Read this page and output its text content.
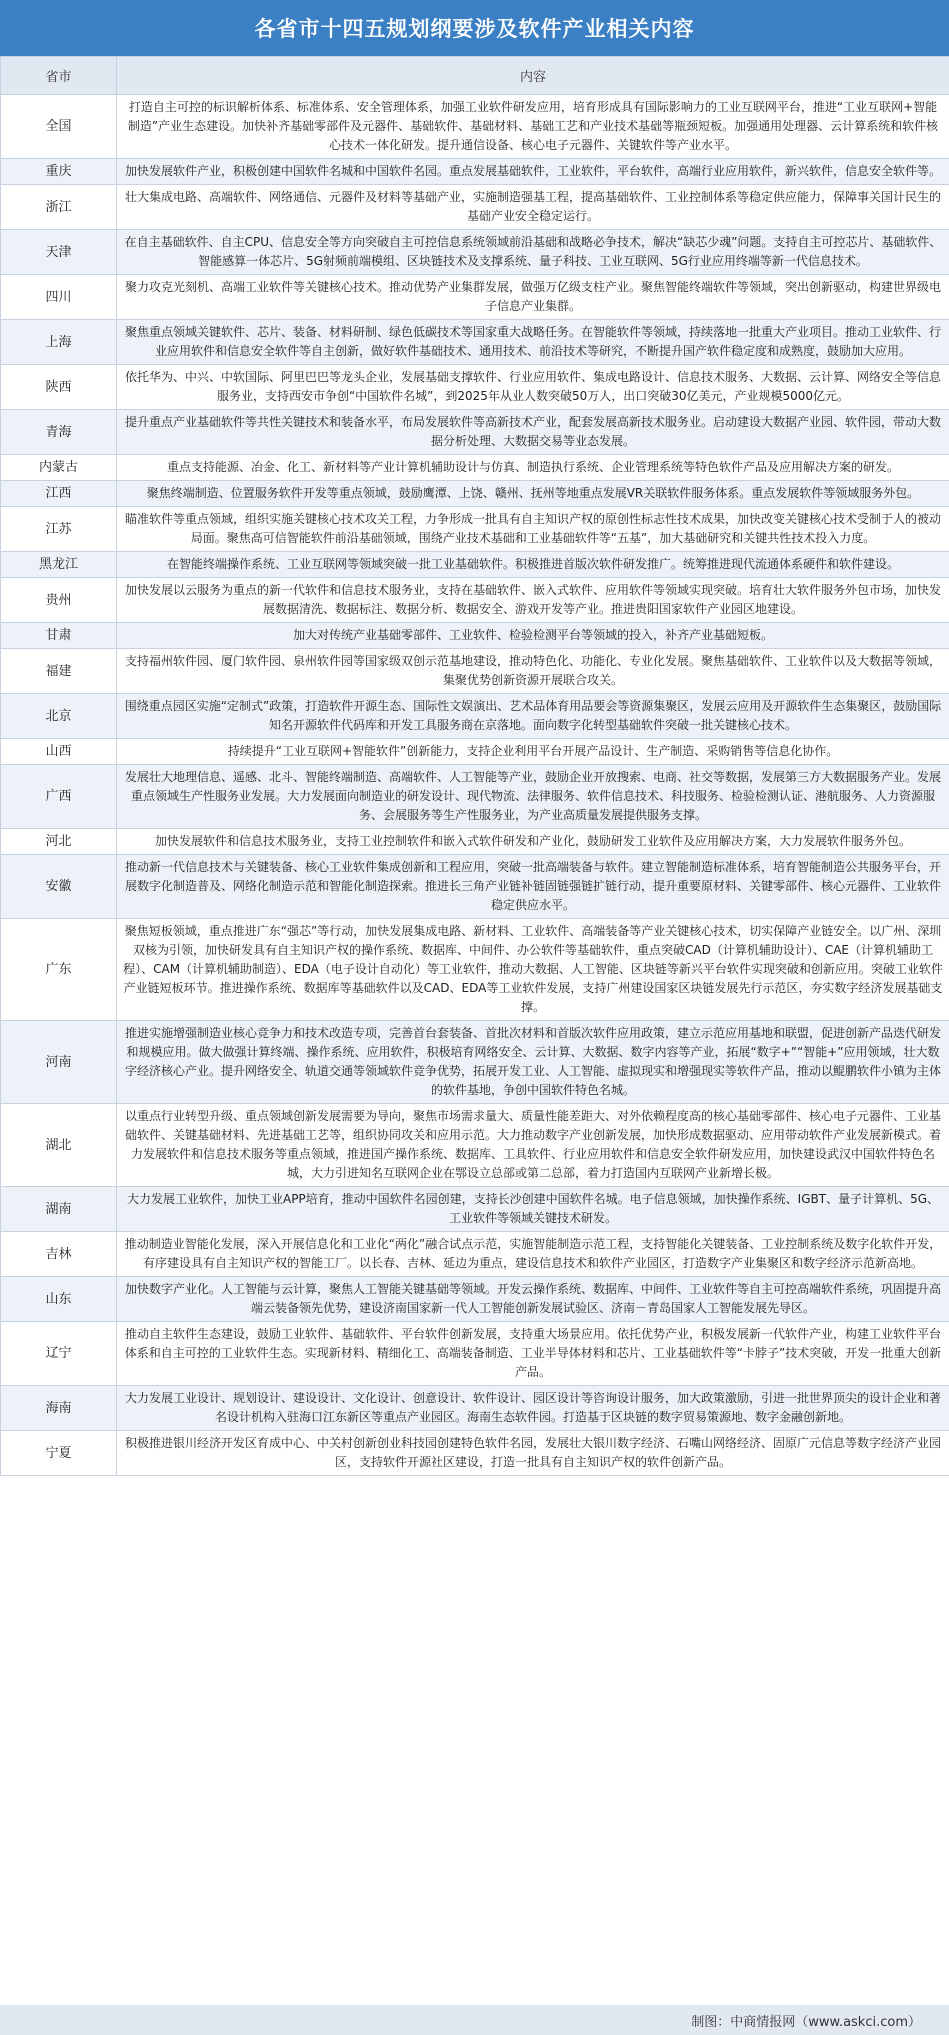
各省市十四五规划纲要涉及软件产业相关内容
省市	内容
全国	打造自主可控的标识解析体系、标准体系、安全管理体系，加强工业软件研发应用，培育形成具有国际影响力的工业互联网平台，推进“工业互联网+智能制造”产业生态建设。加快补齐基础零部件及元器件、基础软件、基础材料、基础工艺和产业技术基础等瓶颈短板。加强通用处理器、云计算系统和软件核心技术一体化研发。提升通信设备、核心电子元器件、关键软件等产业水平。
重庆	加快发展软件产业，积极创建中国软件名城和中国软件名园。重点发展基础软件，工业软件，平台软件，高端行业应用软件，新兴软件，信息安全软件等。
浙江	壮大集成电路、高端软件、网络通信、元器件及材料等基础产业，实施制造强基工程，提高基础软件、工业控制体系等稳定供应能力，保障事关国计民生的基础产业安全稳定运行。
天津	在自主基础软件、自主CPU、信息安全等方向突破自主可控信息系统领域前沿基础和战略必争技术，解决“缺芯少魂”问题。支持自主可控芯片、基础软件、智能感算一体芯片、5G射频前端模组、区块链技术及支撑系统、量子科技、工业互联网、5G行业应用终端等新一代信息技术。
四川	聚力攻克光刻机、高端工业软件等关键核心技术。推动优势产业集群发展，做强万亿级支柱产业。聚焦智能终端软件等领域，突出创新驱动，构建世界级电子信息产业集群。
上海	聚焦重点领域关键软件、芯片、装备、材料研制、绿色低碳技术等国家重大战略任务。在智能软件等领域，持续落地一批重大产业项目。推动工业软件、行业应用软件和信息安全软件等自主创新，做好软件基础技术、通用技术、前沿技术等研究，不断提升国产软件稳定度和成熟度，鼓励加大应用。
陕西	依托华为、中兴、中软国际、阿里巴巴等龙头企业，发展基础支撑软件、行业应用软件、集成电路设计、信息技术服务、大数据、云计算、网络安全等信息服务业，支持西安市争创“中国软件名城”，到2025年从业人数突破50万人，出口突破30亿美元，产业规模5000亿元。
青海	提升重点产业基础软件等共性关键技术和装备水平，布局发展软件等高新技术产业，配套发展高新技术服务业。启动建设大数据产业园、软件园，带动大数据分析处理、大数据交易等业态发展。
内蒙古	重点支持能源、冶金、化工、新材料等产业计算机辅助设计与仿真、制造执行系统、企业管理系统等特色软件产品及应用解决方案的研发。
江西	聚焦终端制造、位置服务软件开发等重点领域，鼓励鹰潭、上饶、赣州、抚州等地重点发展VR关联软件服务体系。重点发展软件等领域服务外包。
江苏	瞄准软件等重点领域，组织实施关键核心技术攻关工程，力争形成一批具有自主知识产权的原创性标志性技术成果，加快改变关键核心技术受制于人的被动局面。聚焦高可信智能软件前沿基础领域，围绕产业技术基础和工业基础软件等“五基”，加大基础研究和关键共性技术投入力度。
黑龙江	在智能终端操作系统、工业互联网等领域突破一批工业基础软件。积极推进首版次软件研发推广。统筹推进现代流通体系硬件和软件建设。
贵州	加快发展以云服务为重点的新一代软件和信息技术服务业，支持在基础软件、嵌入式软件、应用软件等领域实现突破。培育壮大软件服务外包市场，加快发展数据清洗、数据标注、数据分析、数据安全、游戏开发等产业。推进贵阳国家软件产业园区地建设。
甘肃	加大对传统产业基础零部件、工业软件、检验检测平台等领域的投入，补齐产业基础短板。
福建	支持福州软件园、厦门软件园、泉州软件园等国家级双创示范基地建设，推动特色化、功能化、专业化发展。聚焦基础软件、工业软件以及大数据等领域，集聚优势创新资源开展联合攻关。
北京	围绕重点园区实施“定制式”政策，打造软件开源生态、国际性文娱演出、艺术品体育用品要会等资源集聚区，发展云应用及开源软件生态集聚区，鼓励国际知名开源软件代码库和开发工具服务商在京落地。面向数字化转型基础软件突破一批关键核心技术。
山西	持续提升“工业互联网+智能软件”创新能力，支持企业利用平台开展产品设计、生产制造、采购销售等信息化协作。
广西	发展壮大地理信息、遥感、北斗、智能终端制造、高端软件、人工智能等产业，鼓励企业开放搜索、电商、社交等数据，发展第三方大数据服务产业。发展重点领域生产性服务业发展。大力发展面向制造业的研发设计、现代物流、法律服务、软件信息技术、科技服务、检验检测认证、港航服务、人力资源服务、会展服务等生产性服务业，为产业高质量发展提供服务支撑。
河北	加快发展软件和信息技术服务业，支持工业控制软件和嵌入式软件研发和产业化，鼓励研发工业软件及应用解决方案，大力发展软件服务外包。
安徽	推动新一代信息技术与关键装备、核心工业软件集成创新和工程应用，突破一批高端装备与软件。建立智能制造标准体系，培育智能制造公共服务平台，开展数字化制造普及、网络化制造示范和智能化制造探索。推进长三角产业链补链固链强链扩链行动，提升重要原材料、关键零部件、核心元器件、工业软件稳定供应水平。
广东	聚焦短板领域，重点推进广东“强芯”等行动，加快发展集成电路、新材料、工业软件、高端装备等产业关键核心技术，切实保障产业链安全。以广州、深圳双核为引领，加快研发具有自主知识产权的操作系统、数据库、中间件、办公软件等基础软件，重点突破CAD（计算机辅助设计）、CAE（计算机辅助工程）、CAM（计算机辅助制造）、EDA（电子设计自动化）等工业软件，推动大数据、人工智能、区块链等新兴平台软件实现突破和创新应用。突破工业软件产业链短板环节。推进操作系统、数据库等基础软件以及CAD、EDA等工业软件发展，支持广州建设国家区块链发展先行示范区，夯实数字经济发展基础支撑。
河南	推进实施增强制造业核心竞争力和技术改造专项，完善首台套装备、首批次材料和首版次软件应用政策，建立示范应用基地和联盟，促进创新产品迭代研发和规模应用。做大做强计算终端、操作系统、应用软件，积极培育网络安全、云计算、大数据、数字内容等产业，拓展“数字+”“智能+”应用领域，壮大数字经济核心产业。提升网络安全、轨道交通等领域软件竞争优势，拓展开发工业、人工智能、虚拟现实和增强现实等软件产品，推动以鲲鹏软件小镇为主体的软件基地，争创中国软件特色名城。
湖北	以重点行业转型升级、重点领域创新发展需要为导向，聚焦市场需求量大、质量性能差距大、对外依赖程度高的核心基础零部件、核心电子元器件、工业基础软件、关键基础材料、先进基础工艺等，组织协同攻关和应用示范。大力推动数字产业创新发展，加快形成数据驱动、应用带动软件产业发展新模式。着力发展软件和信息技术服务等重点领域，推进国产操作系统、数据库、工具软件、行业应用软件和信息安全软件研发应用，加快建设武汉中国软件特色名城，大力引进知名互联网企业在鄂设立总部或第二总部，着力打造国内互联网产业新增长极。
湖南	大力发展工业软件，加快工业APP培育，推动中国软件名园创建，支持长沙创建中国软件名城。电子信息领域，加快操作系统、IGBT、量子计算机、5G、工业软件等领域关键技术研发。
吉林	推动制造业智能化发展，深入开展信息化和工业化“两化”融合试点示范，实施智能制造示范工程，支持智能化关键装备、工业控制系统及数字化软件开发，有序建设具有自主知识产权的智能工厂。以长春、吉林、延边为重点，建设信息技术和软件产业园区，打造数字产业集聚区和数字经济示范新高地。
山东	加快数字产业化。人工智能与云计算，聚焦人工智能关键基础等领域。开发云操作系统、数据库、中间件、工业软件等自主可控高端软件系统，巩固提升高端云装备领先优势，建设济南国家新一代人工智能创新发展试验区、济南－青岛国家人工智能发展先导区。
辽宁	推动自主软件生态建设，鼓励工业软件、基础软件、平台软件创新发展，支持重大场景应用。依托优势产业，积极发展新一代软件产业，构建工业软件平台体系和自主可控的工业软件生态。实现新材料、精细化工、高端装备制造、工业半导体材料和芯片、工业基础软件等“卡脖子”技术突破，开发一批重大创新产品。
海南	大力发展工业设计、规划设计、建设设计、文化设计、创意设计、软件设计、园区设计等咨询设计服务，加大政策激励，引进一批世界顶尖的设计企业和著名设计机构入驻海口江东新区等重点产业园区。海南生态软件园。打造基于区块链的数字贸易策源地、数字金融创新地。
宁夏	积极推进银川经济开发区育成中心、中关村创新创业科技园创建特色软件名园，发展壮大银川数字经济、石嘴山网络经济、固原广元信息等数字经济产业园区，支持软件开源社区建设，打造一批具有自主知识产权的软件创新产品。
制图：中商情报网（www.askci.com）
